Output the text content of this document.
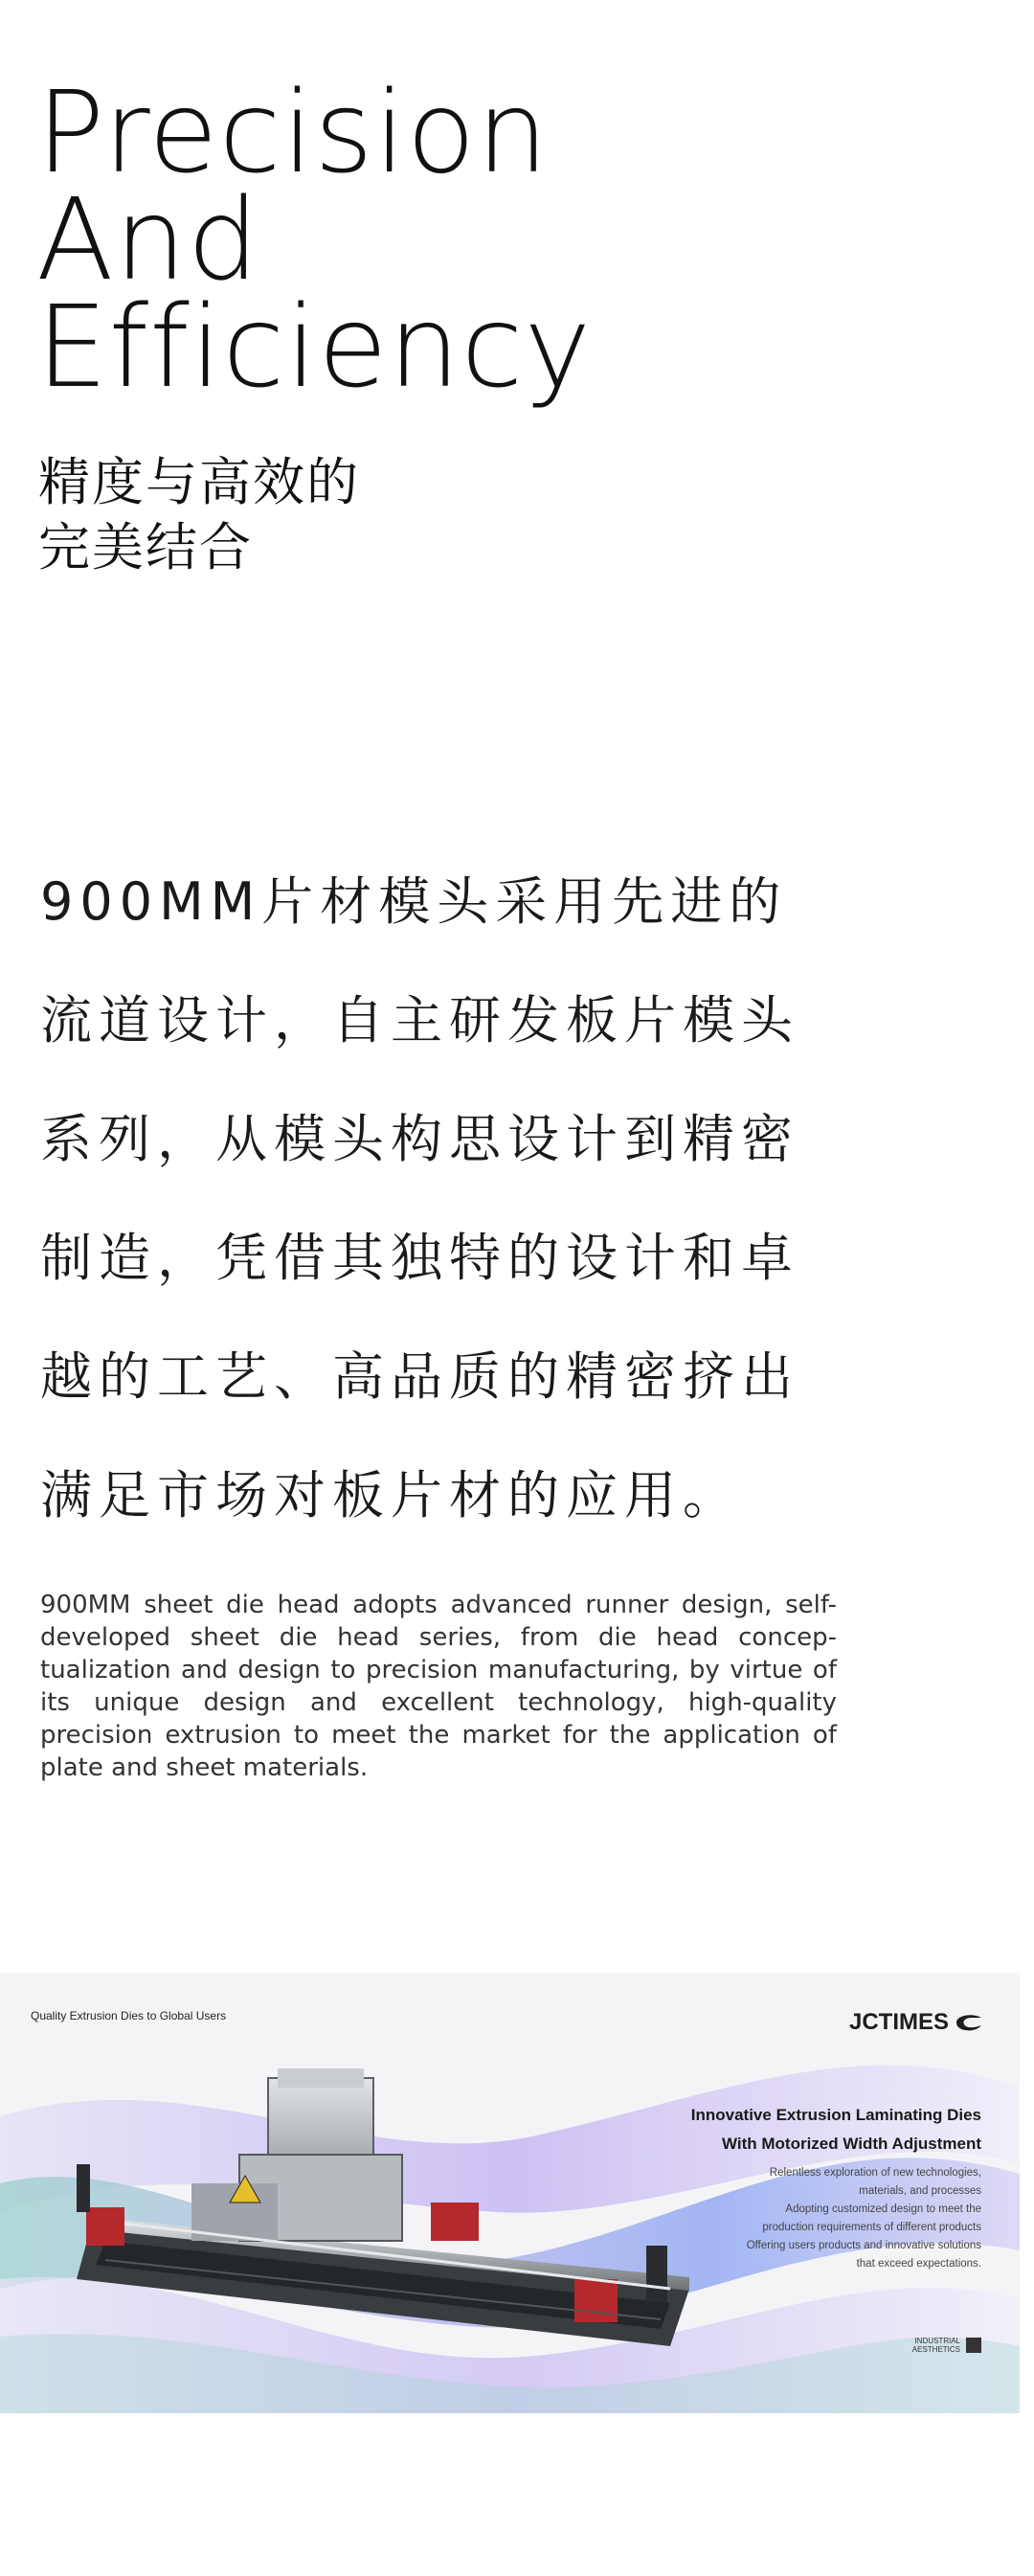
Precision
And
Efficiency
精度与高效的
完美结合
900MM片材模头采用先进的
流道设计，自主研发板片模头
系列，从模头构思设计到精密
制造，凭借其独特的设计和卓
越的工艺、高品质的精密挤出
满足市场对板片材的应用。

900MM sheet die head adopts advanced runner design, self-developed sheet die head series, from die head concep-tualization and design to precision manufacturing, by virtue of its unique design and excellent technology, high-quality precision extrusion to meet the market for the application of plate and sheet materials.

Quality Extrusion Dies to Global Users	JCTIMES
Innovative Extrusion Laminating Dies
With Motorized Width Adjustment
Relentless exploration of new technologies,
materials, and processes
Adopting customized design to meet the
production requirements of different products
Offering users products and innovative solutions
that exceed expectations.
INDUSTRIAL
AESTHETICS
